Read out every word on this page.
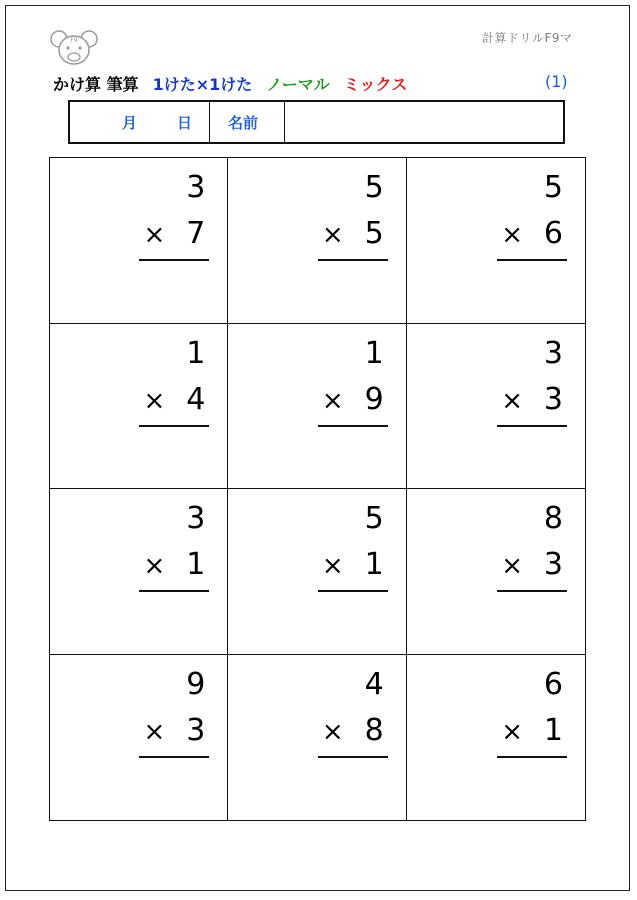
F9	計算ドリルF9マ
かけ算 筆算 1けた×1けた ノーマル ミックス	(1)
月	日	名前
3
× 7
5
× 5
5
× 6
1
× 4
1
× 9
3
× 3
3
× 1
5
× 1
8
× 3
9
× 3
4
× 8
6
× 1
